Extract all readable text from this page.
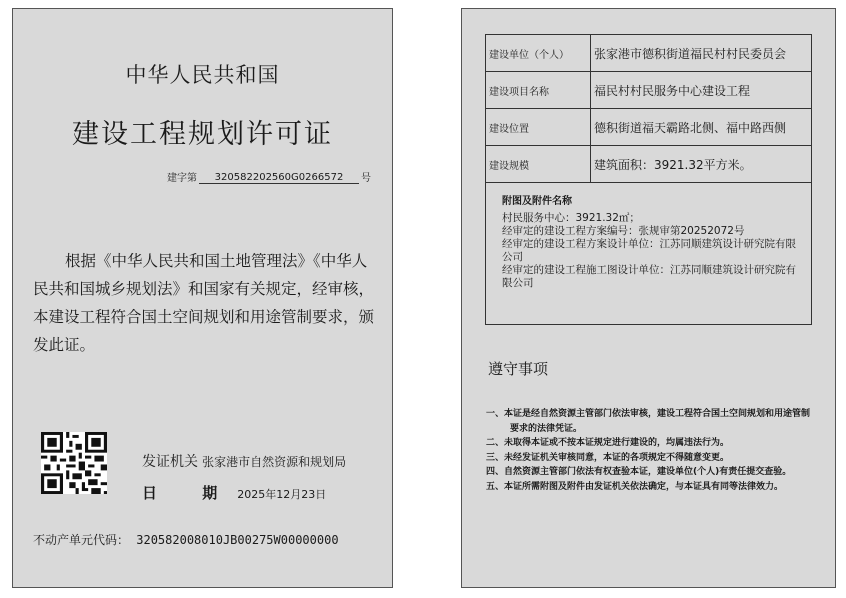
中华人民共和国
建设工程规划许可证
建字第	320582202560G0266572	号
根据《中华人民共和国土地管理法》《中华人民共和国城乡规划法》和国家有关规定，经审核，本建设工程符合国土空间规划和用途管制要求，颁发此证。
发证机关 张家港市自然资源和规划局
日 期 2025年12月23日
不动产单元代码： 320582008010JB00275W00000000
建设单位（个人）	张家港市德积街道福民村村民委员会
建设项目名称	福民村村民服务中心建设工程
建设位置	德积街道福天霸路北侧、福中路西侧
建设规模	建筑面积：3921.32平方米。
附图及附件名称
村民服务中心：3921.32㎡；
经审定的建设工程方案编号：张规审第20252072号
经审定的建设工程方案设计单位：江苏同顺建筑设计研究院有限公司
经审定的建设工程施工图设计单位：江苏同顺建筑设计研究院有限公司
遵守事项
一、本证是经自然资源主管部门依法审核，建设工程符合国土空间规划和用途管制要求的法律凭证。
二、未取得本证或不按本证规定进行建设的，均属违法行为。
三、未经发证机关审核同意，本证的各项规定不得随意变更。
四、自然资源主管部门依法有权查验本证，建设单位(个人)有责任提交查验。
五、本证所需附图及附件由发证机关依法确定，与本证具有同等法律效力。
